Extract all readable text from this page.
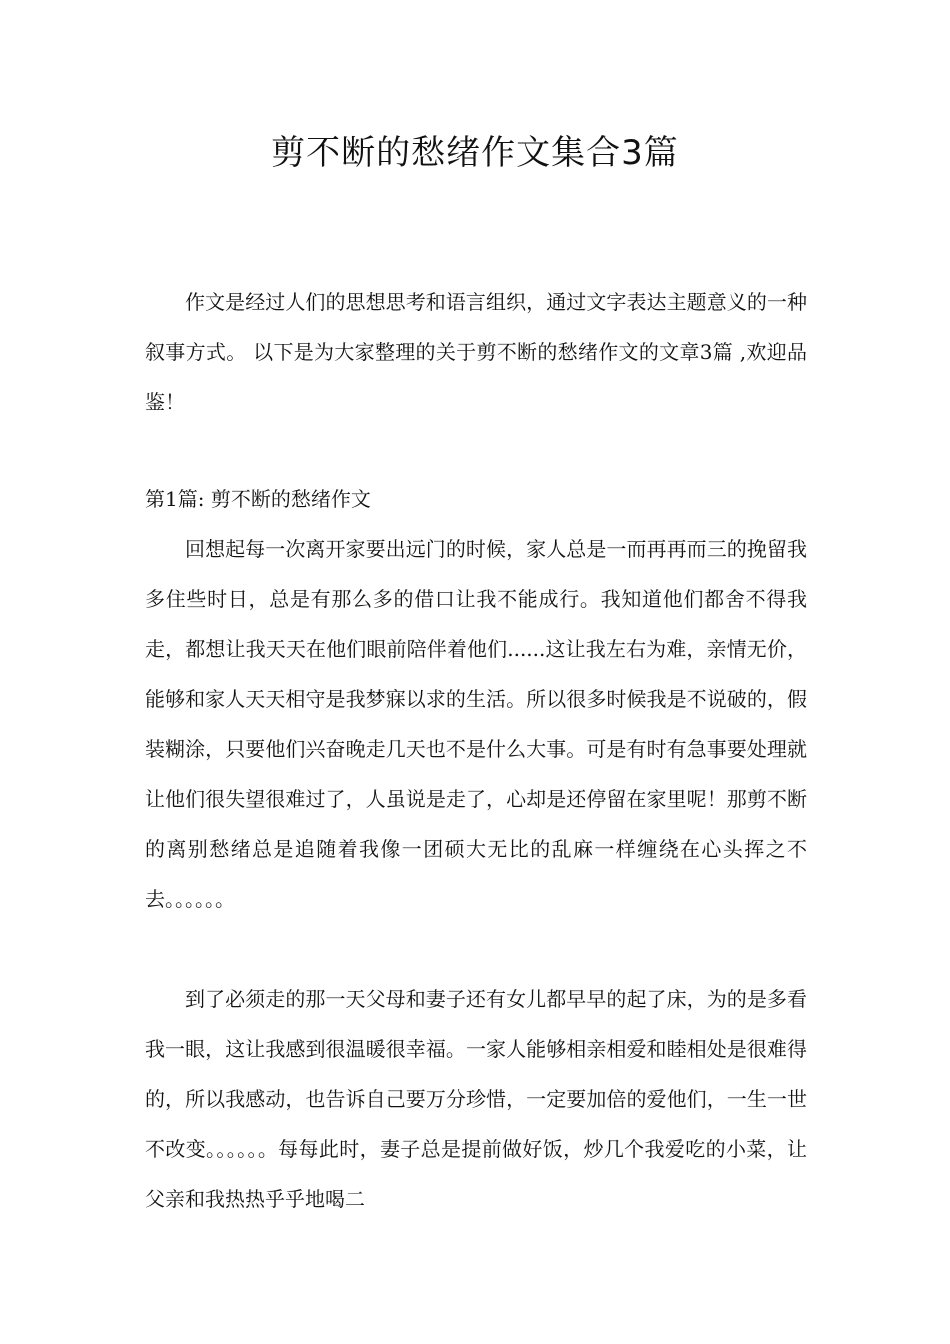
剪不断的愁绪作文集合3篇

作文是经过人们的思想思考和语言组织，通过文字表达主题意义的一种叙事方式。 以下是为大家整理的关于剪不断的愁绪作文的文章3篇 ,欢迎品鉴！

第1篇: 剪不断的愁绪作文

回想起每一次离开家要出远门的时候，家人总是一而再再而三的挽留我多住些时日，总是有那么多的借口让我不能成行。我知道他们都舍不得我走，都想让我天天在他们眼前陪伴着他们......这让我左右为难，亲情无价，能够和家人天天相守是我梦寐以求的生活。所以很多时候我是不说破的，假装糊涂，只要他们兴奋晚走几天也不是什么大事。可是有时有急事要处理就让他们很失望很难过了，人虽说是走了，心却是还停留在家里呢！那剪不断的离别愁绪总是追随着我像一团硕大无比的乱麻一样缠绕在心头挥之不去。。。。。。

到了必须走的那一天父母和妻子还有女儿都早早的起了床，为的是多看我一眼，这让我感到很温暖很幸福。一家人能够相亲相爱和睦相处是很难得的，所以我感动，也告诉自己要万分珍惜，一定要加倍的爱他们，一生一世不改变。。。。。。每每此时，妻子总是提前做好饭，炒几个我爱吃的小菜，让父亲和我热热乎乎地喝二
